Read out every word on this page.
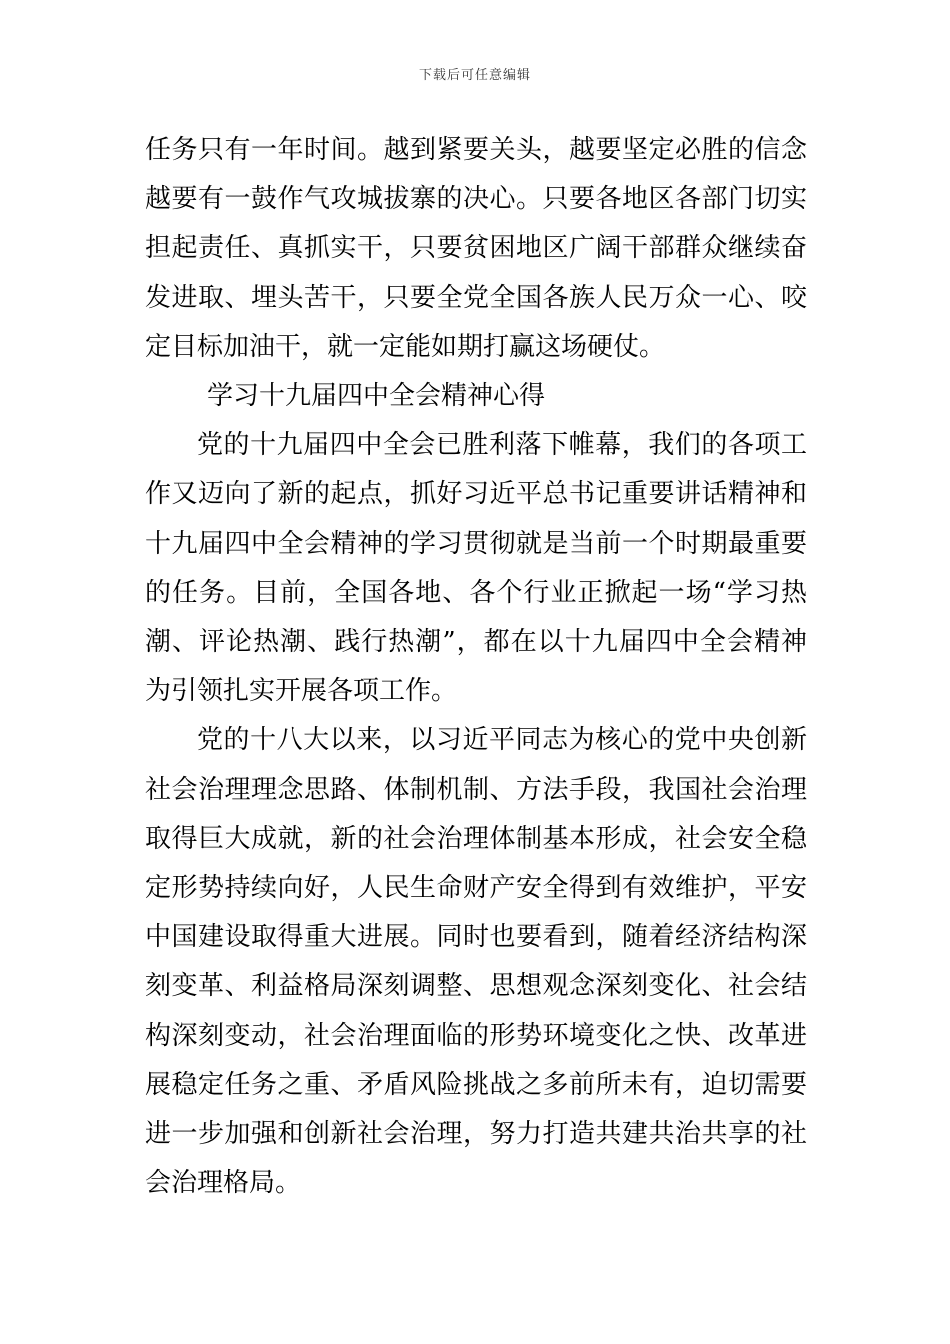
下载后可任意编辑

任务只有一年时间。越到紧要关头，越要坚定必胜的信念越要有一鼓作气攻城拔寨的决心。只要各地区各部门切实担起责任、真抓实干，只要贫困地区广阔干部群众继续奋发进取、埋头苦干，只要全党全国各族人民万众一心、咬定目标加油干，就一定能如期打赢这场硬仗。

学习十九届四中全会精神心得

党的十九届四中全会已胜利落下帷幕，我们的各项工作又迈向了新的起点，抓好习近平总书记重要讲话精神和十九届四中全会精神的学习贯彻就是当前一个时期最重要的任务。目前，全国各地、各个行业正掀起一场“学习热潮、评论热潮、践行热潮”，都在以十九届四中全会精神为引领扎实开展各项工作。

党的十八大以来，以习近平同志为核心的党中央创新社会治理理念思路、体制机制、方法手段，我国社会治理取得巨大成就，新的社会治理体制基本形成，社会安全稳定形势持续向好，人民生命财产安全得到有效维护，平安中国建设取得重大进展。同时也要看到，随着经济结构深刻变革、利益格局深刻调整、思想观念深刻变化、社会结构深刻变动，社会治理面临的形势环境变化之快、改革进展稳定任务之重、矛盾风险挑战之多前所未有，迫切需要进一步加强和创新社会治理，努力打造共建共治共享的社会治理格局。
